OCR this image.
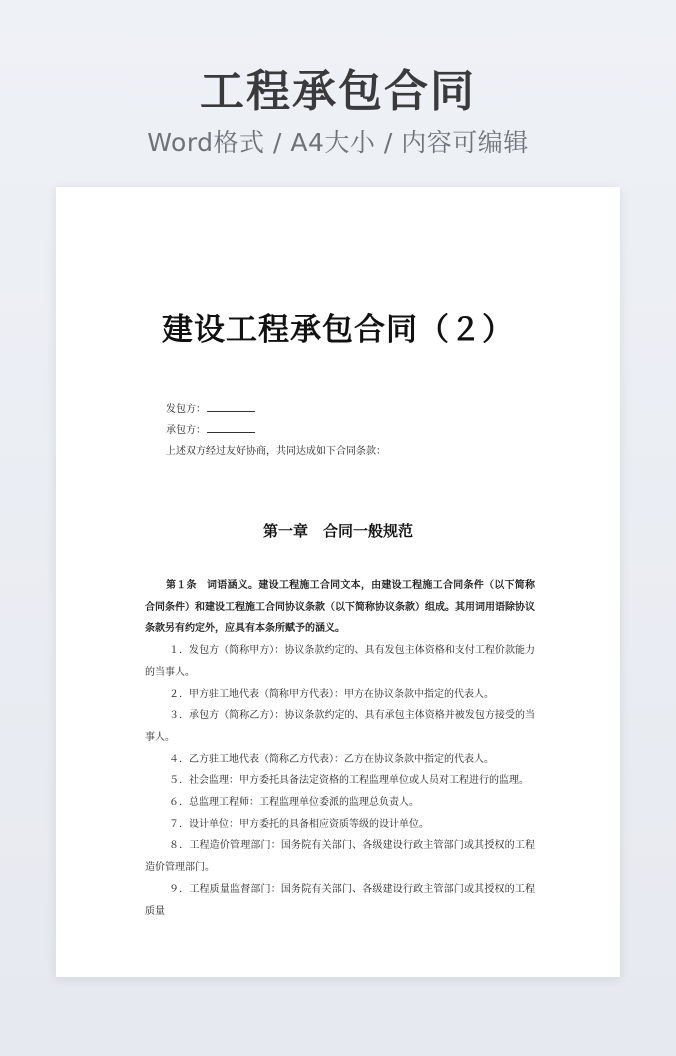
工程承包合同
Word格式 / A4大小 / 内容可编辑
建设工程承包合同（２）
发包方：
承包方：
上述双方经过友好协商，共同达成如下合同条款：
第一章　合同一般规范

第１条　词语涵义。建设工程施工合同文本，由建设工程施工合同条件（以下简称合同条件）和建设工程施工合同协议条款（以下简称协议条款）组成。其用词用语除协议条款另有约定外，应具有本条所赋予的涵义。

１．发包方（简称甲方）：协议条款约定的、具有发包主体资格和支付工程价款能力的当事人。

２．甲方驻工地代表（简称甲方代表）：甲方在协议条款中指定的代表人。

３．承包方（简称乙方）：协议条款约定的、具有承包主体资格并被发包方接受的当事人。

４．乙方驻工地代表（简称乙方代表）：乙方在协议条款中指定的代表人。

５．社会监理：甲方委托具备法定资格的工程监理单位或人员对工程进行的监理。

６．总监理工程师：工程监理单位委派的监理总负责人。

７．设计单位：甲方委托的具备相应资质等级的设计单位。

８．工程造价管理部门：国务院有关部门、各级建设行政主管部门或其授权的工程造价管理部门。

９．工程质量监督部门：国务院有关部门、各级建设行政主管部门或其授权的工程质量
